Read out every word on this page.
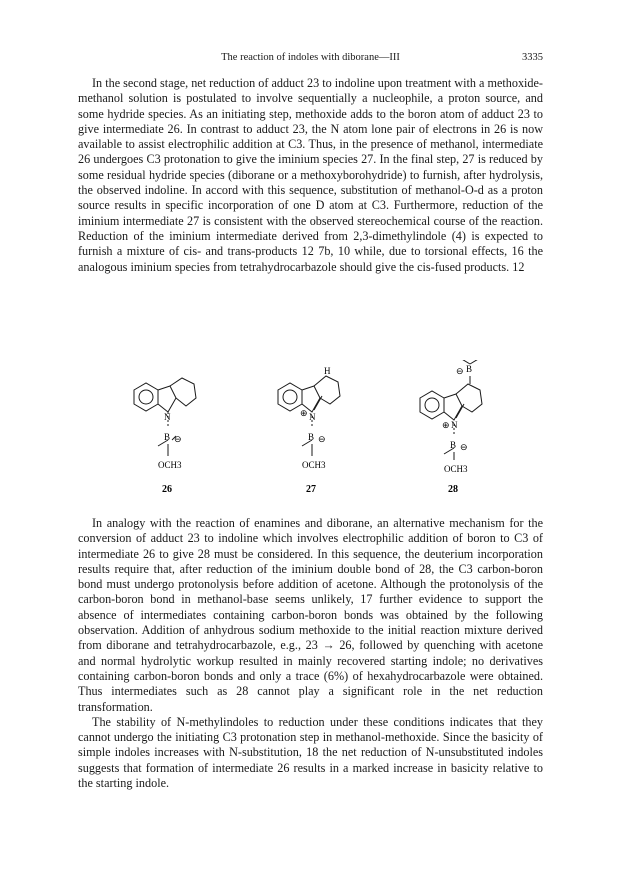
The reaction of indoles with diborane—III	3335

In the second stage, net reduction of adduct 23 to indoline upon treatment with a methoxide-methanol solution is postulated to involve sequentially a nucleophile, a proton source, and some hydride species. As an initiating step, methoxide adds to the boron atom of adduct 23 to give intermediate 26. In contrast to adduct 23, the N atom lone pair of electrons in 26 is now available to assist electrophilic addition at C3. Thus, in the presence of methanol, intermediate 26 undergoes C3 protonation to give the iminium species 27. In the final step, 27 is reduced by some residual hydride species (diborane or a methoxyborohydride) to furnish, after hydrolysis, the observed indoline. In accord with this sequence, substitution of methanol-O-d as a proton source results in specific incorporation of one D atom at C3. Furthermore, reduction of the iminium intermediate 27 is consistent with the observed stereochemical course of the reaction. Reduction of the iminium intermediate derived from 2,3-dimethylindole (4) is expected to furnish a mixture of cis- and trans-products 12 7b, 10 while, due to torsional effects, 16 the analogous iminium species from tetrahydrocarbazole should give the cis-fused products. 12

N
B ⊖
OCH3
H
⊕ N
B ⊖
OCH3
B
⊖
⊕ N
B ⊖
OCH3
26	27	28

In analogy with the reaction of enamines and diborane, an alternative mechanism for the conversion of adduct 23 to indoline which involves electrophilic addition of boron to C3 of intermediate 26 to give 28 must be considered. In this sequence, the deuterium incorporation results require that, after reduction of the iminium double bond of 28, the C3 carbon-boron bond must undergo protonolysis before addition of acetone. Although the protonolysis of the carbon-boron bond in methanol-base seems unlikely, 17 further evidence to support the absence of intermediates containing carbon-boron bonds was obtained by the following observation. Addition of anhydrous sodium methoxide to the initial reaction mixture derived from diborane and tetrahydrocarbazole, e.g., 23 → 26, followed by quenching with acetone and normal hydrolytic workup resulted in mainly recovered starting indole; no derivatives containing carbon-boron bonds and only a trace (6%) of hexahydrocarbazole were obtained. Thus intermediates such as 28 cannot play a significant role in the net reduction transformation.

The stability of N-methylindoles to reduction under these conditions indicates that they cannot undergo the initiating C3 protonation step in methanol-methoxide. Since the basicity of simple indoles increases with N-substitution, 18 the net reduction of N-unsubstituted indoles suggests that formation of intermediate 26 results in a marked increase in basicity relative to the starting indole.
